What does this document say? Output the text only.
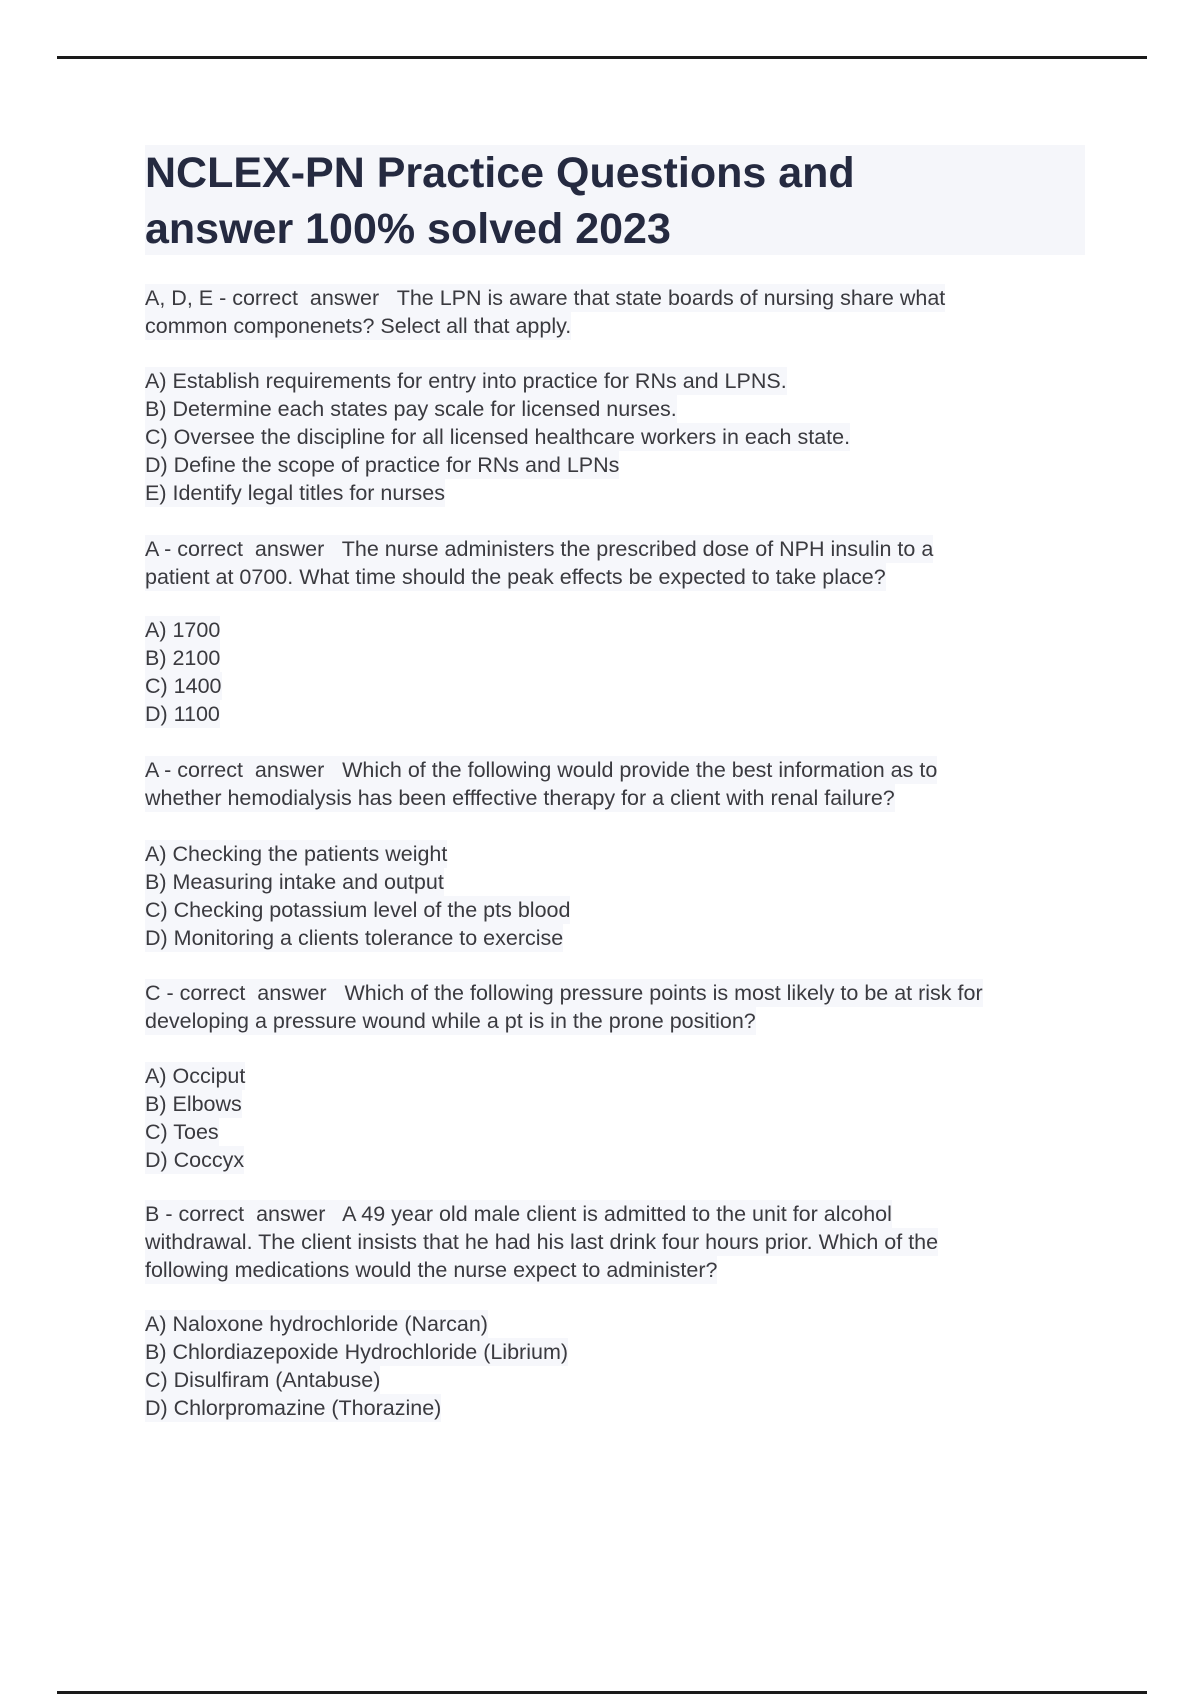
NCLEX-PN Practice Questions and
answer 100% solved 2023
A, D, E - correct  answer   The LPN is aware that state boards of nursing share what
common componenets? Select all that apply.
A) Establish requirements for entry into practice for RNs and LPNS.
B) Determine each states pay scale for licensed nurses.
C) Oversee the discipline for all licensed healthcare workers in each state.
D) Define the scope of practice for RNs and LPNs
E) Identify legal titles for nurses
A - correct  answer   The nurse administers the prescribed dose of NPH insulin to a
patient at 0700. What time should the peak effects be expected to take place?
A) 1700
B) 2100
C) 1400
D) 1100
A - correct  answer   Which of the following would provide the best information as to
whether hemodialysis has been efffective therapy for a client with renal failure?
A) Checking the patients weight
B) Measuring intake and output
C) Checking potassium level of the pts blood
D) Monitoring a clients tolerance to exercise
C - correct  answer   Which of the following pressure points is most likely to be at risk for
developing a pressure wound while a pt is in the prone position?
A) Occiput
B) Elbows
C) Toes
D) Coccyx
B - correct  answer   A 49 year old male client is admitted to the unit for alcohol
withdrawal. The client insists that he had his last drink four hours prior. Which of the
following medications would the nurse expect to administer?
A) Naloxone hydrochloride (Narcan)
B) Chlordiazepoxide Hydrochloride (Librium)
C) Disulfiram (Antabuse)
D) Chlorpromazine (Thorazine)
